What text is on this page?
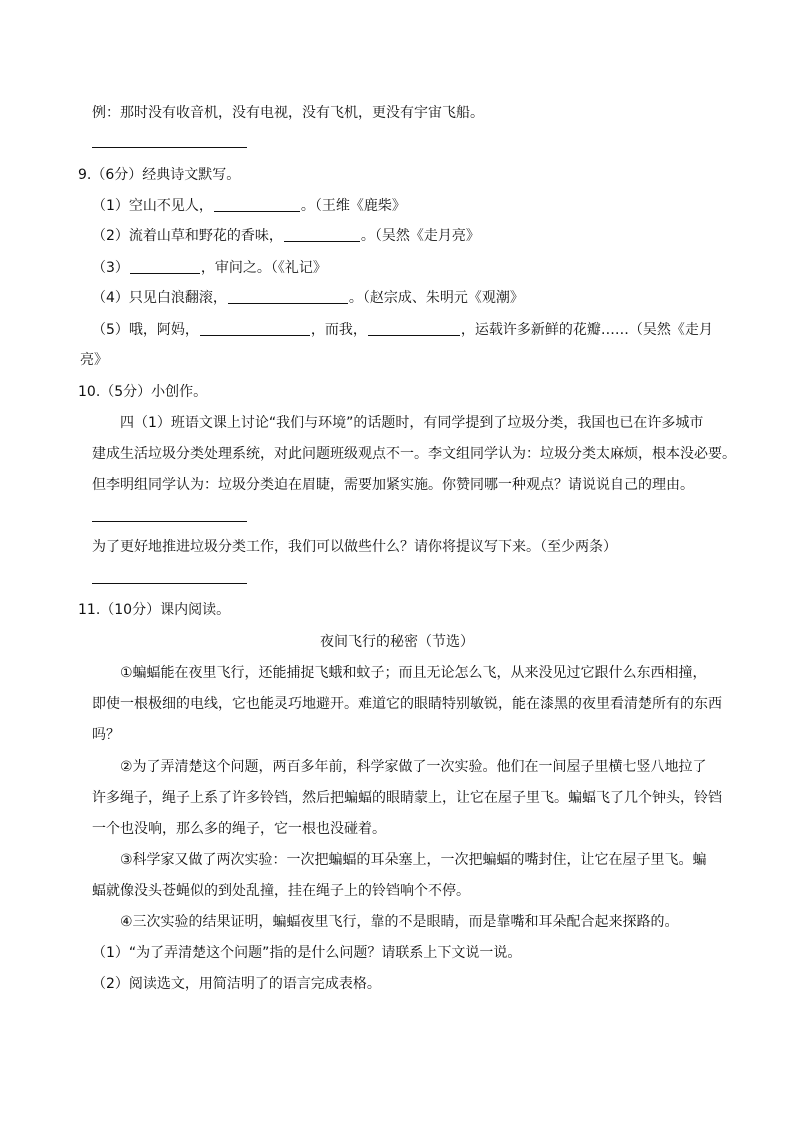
例：那时没有收音机，没有电视，没有飞机，更没有宇宙飞船。
9.（6分）经典诗文默写。
（1）空山不见人，	。（王维《鹿柴》
（2）流着山草和野花的香味，	。（吴然《走月亮》
（3）	，审问之。（《礼记》
（4）只见白浪翻滚，	。（赵宗成、朱明元《观潮》
（5）哦，阿妈，	，而我，	，运载许多新鲜的花瓣……（吴然《走月
亮》
10.（5分）小创作。
四（1）班语文课上讨论“我们与环境”的话题时，有同学提到了垃圾分类，我国也已在许多城市
建成生活垃圾分类处理系统，对此问题班级观点不一。李文组同学认为：垃圾分类太麻烦，根本没必要。
但李明组同学认为：垃圾分类迫在眉睫，需要加紧实施。你赞同哪一种观点？请说说自己的理由。
为了更好地推进垃圾分类工作，我们可以做些什么？请你将提议写下来。（至少两条）
11.（10分）课内阅读。
夜间飞行的秘密（节选）
①蝙蝠能在夜里飞行，还能捕捉飞蛾和蚊子；而且无论怎么飞，从来没见过它跟什么东西相撞，
即使一根极细的电线，它也能灵巧地避开。难道它的眼睛特别敏锐，能在漆黑的夜里看清楚所有的东西
吗？
②为了弄清楚这个问题，两百多年前，科学家做了一次实验。他们在一间屋子里横七竖八地拉了
许多绳子，绳子上系了许多铃铛，然后把蝙蝠的眼睛蒙上，让它在屋子里飞。蝙蝠飞了几个钟头，铃铛
一个也没响，那么多的绳子，它一根也没碰着。
③科学家又做了两次实验：一次把蝙蝠的耳朵塞上，一次把蝙蝠的嘴封住，让它在屋子里飞。蝙
蝠就像没头苍蝇似的到处乱撞，挂在绳子上的铃铛响个不停。
④三次实验的结果证明，蝙蝠夜里飞行，靠的不是眼睛，而是靠嘴和耳朵配合起来探路的。
（1）“为了弄清楚这个问题”指的是什么问题？请联系上下文说一说。
（2）阅读选文，用简洁明了的语言完成表格。
